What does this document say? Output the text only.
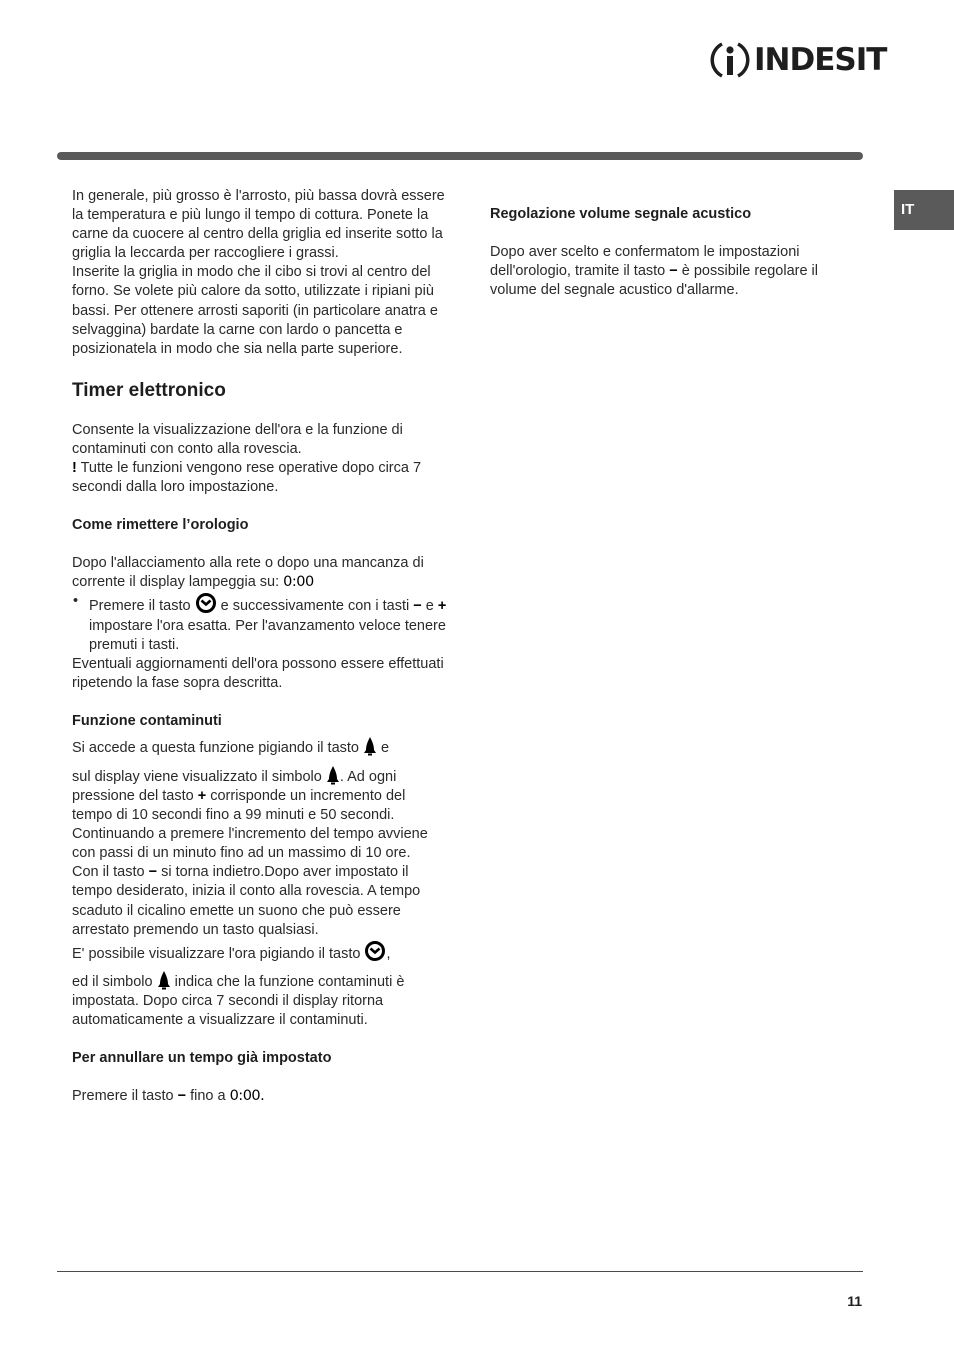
INDESIT
IT

In generale, più grosso è l'arrosto, più bassa dovrà essere la temperatura e più lungo il tempo di cottura. Ponete la carne da cuocere al centro della griglia ed inserite sotto la griglia la leccarda per raccogliere i grassi.

Inserite la griglia in modo che il cibo si trovi al centro del forno. Se volete più calore da sotto, utilizzate i ripiani più bassi. Per ottenere arrosti saporiti (in particolare anatra e selvaggina) bardate la carne con lardo o pancetta e posizionatela in modo che sia nella parte superiore.

Timer elettronico

Consente la visualizzazione dell'ora e la funzione di contaminuti con conto alla rovescia.

! Tutte le funzioni vengono rese operative dopo circa 7 secondi dalla loro impostazione.

Come rimettere l’orologio

Dopo l'allacciamento alla rete o dopo una mancanza di corrente il display lampeggia su: 0:00

• Premere il tasto  e successivamente con i tasti − e + impostare l'ora esatta. Per l'avanzamento veloce tenere premuti i tasti.

Eventuali aggiornamenti dell'ora possono essere effettuati ripetendo la fase sopra descritta.

Funzione contaminuti

Si accede a questa funzione pigiando il tasto  e

sul display viene visualizzato il simbolo . Ad ogni pressione del tasto + corrisponde un incremento del tempo di 10 secondi fino a 99 minuti e 50 secondi. Continuando a premere l'incremento del tempo avviene con passi di un minuto fino ad un massimo di 10 ore.

Con il tasto − si torna indietro.Dopo aver impostato il tempo desiderato, inizia il conto alla rovescia. A tempo scaduto il cicalino emette un suono che può essere arrestato premendo un tasto qualsiasi.

E' possibile visualizzare l'ora pigiando il tasto ,

ed il simbolo  indica che la funzione contaminuti è impostata. Dopo circa 7 secondi il display ritorna automaticamente a visualizzare il contaminuti.

Per annullare un tempo già impostato

Premere il tasto − fino a 0:00.

Regolazione volume segnale acustico

Dopo aver scelto e confermatom le impostazioni dell'orologio, tramite il tasto − è possibile regolare il volume del segnale acustico d'allarme.

11
